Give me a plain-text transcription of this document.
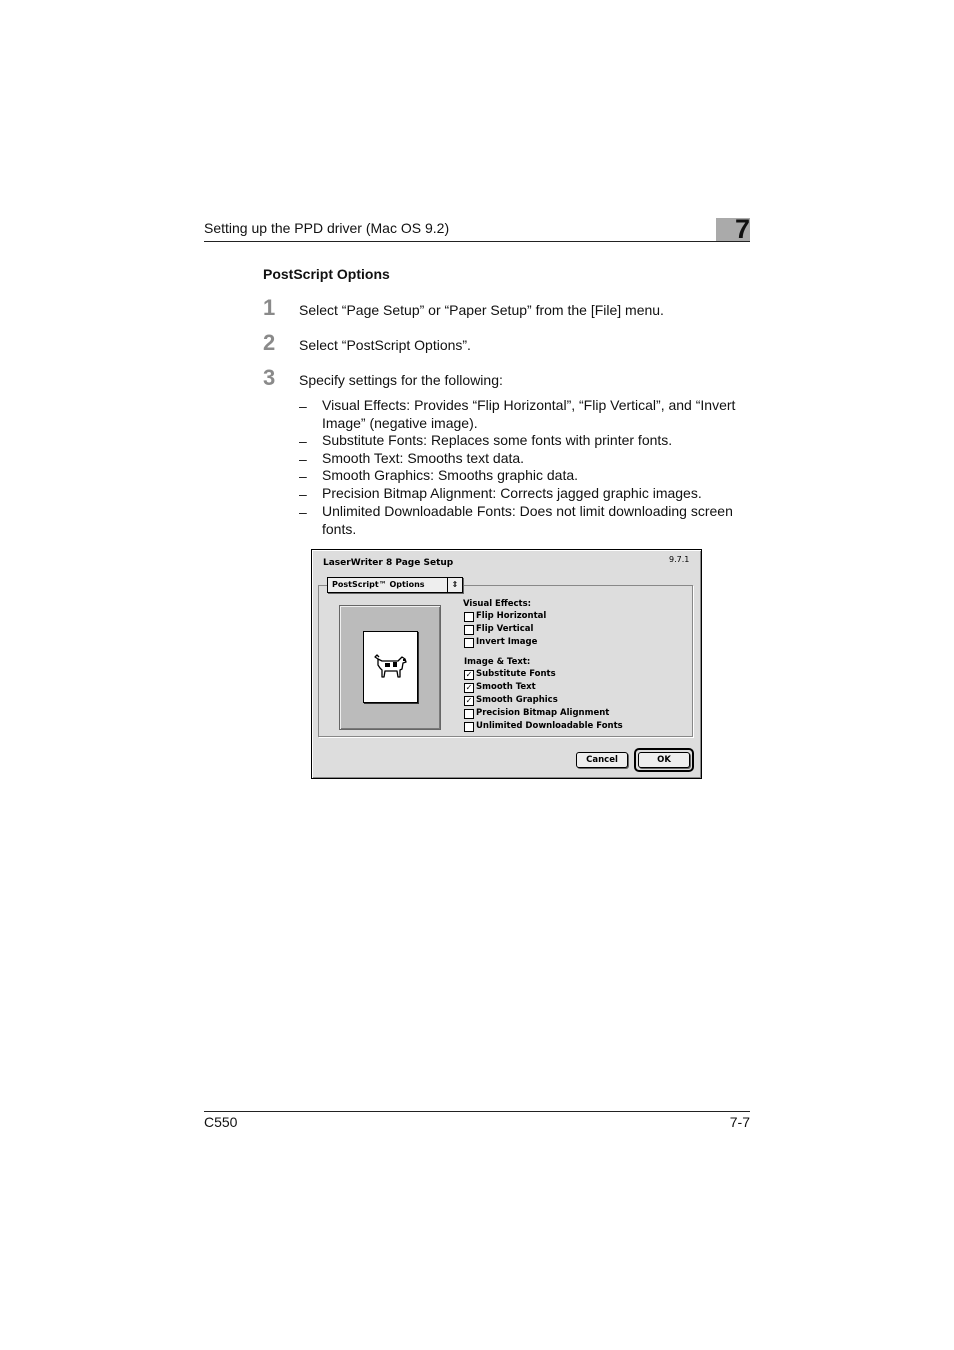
Setting up the PPD driver (Mac OS 9.2)	7
PostScript Options
1 Select “Page Setup” or “Paper Setup” from the [File] menu.
2 Select “PostScript Options”.
3 Specify settings for the following:
– Visual Effects: Provides “Flip Horizontal”, “Flip Vertical”, and “Invert Image” (negative image).
– Substitute Fonts: Replaces some fonts with printer fonts.
– Smooth Text: Smooths text data.
– Smooth Graphics: Smooths graphic data.
– Precision Bitmap Alignment: Corrects jagged graphic images.
– Unlimited Downloadable Fonts: Does not limit downloading screen fonts.
LaserWriter 8 Page Setup	9.7.1
PostScript™ Options	⇕
Visual Effects:
Flip Horizontal
Flip Vertical
Invert Image
Image & Text:
✓ Substitute Fonts
✓ Smooth Text
✓ Smooth Graphics
Precision Bitmap Alignment
Unlimited Downloadable Fonts
Cancel	OK
C550	7-7
